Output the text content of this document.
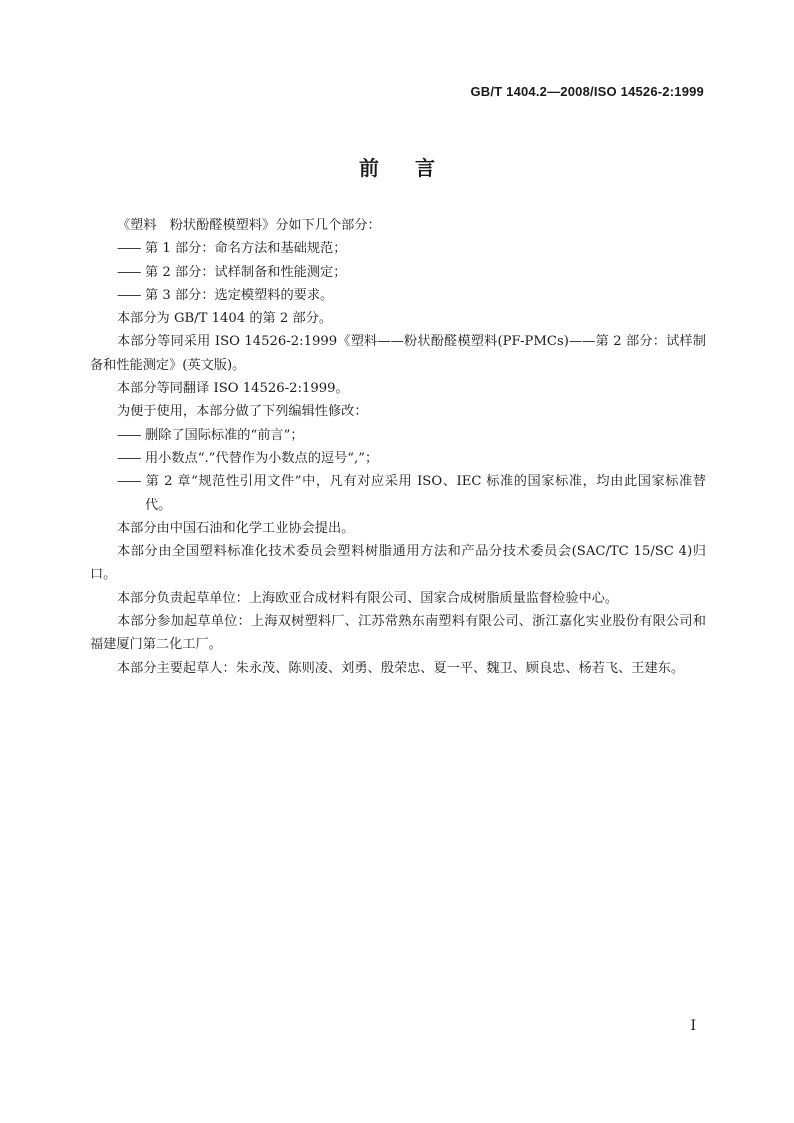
GB/T 1404.2—2008/ISO 14526-2:1999
前言

《塑料　粉状酚醛模塑料》分如下几个部分：

—— 第 1 部分：命名方法和基础规范；

—— 第 2 部分：试样制备和性能测定；

—— 第 3 部分：选定模塑料的要求。

本部分为 GB/T 1404 的第 2 部分。

本部分等同采用 ISO 14526-2:1999《塑料——粉状酚醛模塑料(PF-PMCs)——第 2 部分：试样制备和性能测定》(英文版)。

本部分等同翻译 ISO 14526-2:1999。

为便于使用，本部分做了下列编辑性修改：

—— 删除了国际标准的“前言”；

—— 用小数点“.”代替作为小数点的逗号“,”；

—— 第 2 章“规范性引用文件”中，凡有对应采用 ISO、IEC 标准的国家标准，均由此国家标准替代。

本部分由中国石油和化学工业协会提出。

本部分由全国塑料标准化技术委员会塑料树脂通用方法和产品分技术委员会(SAC/TC 15/SC 4)归口。

本部分负责起草单位：上海欧亚合成材料有限公司、国家合成树脂质量监督检验中心。

本部分参加起草单位：上海双树塑料厂、江苏常熟东南塑料有限公司、浙江嘉化实业股份有限公司和福建厦门第二化工厂。

本部分主要起草人：朱永茂、陈则凌、刘勇、殷荣忠、夏一平、魏卫、顾良忠、杨若飞、王建东。

I
